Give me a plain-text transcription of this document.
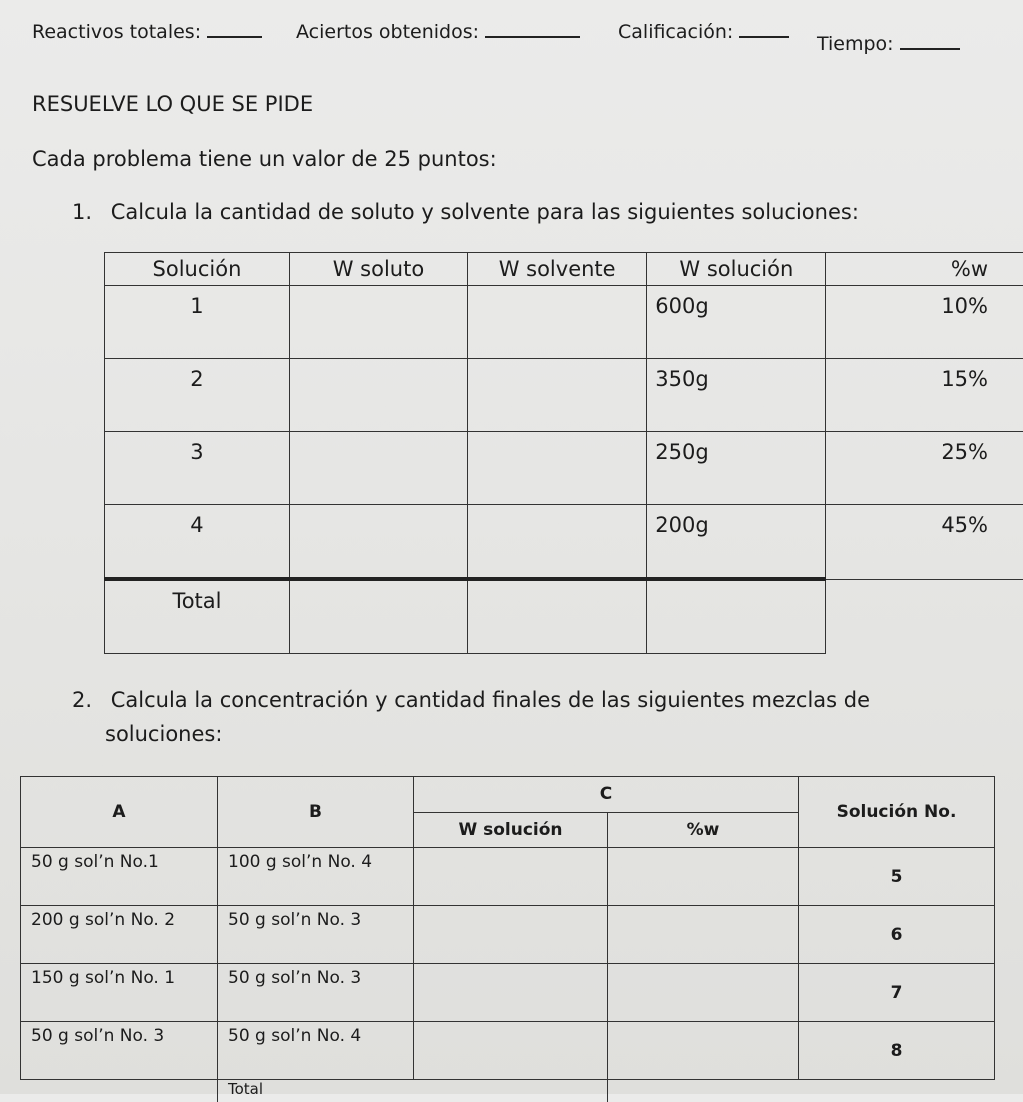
Reactivos totales:	Aciertos obtenidos:	Calificación:
Tiempo:
RESUELVE LO QUE SE PIDE
Cada problema tiene un valor de 25 puntos:
1. Calcula la cantidad de soluto y solvente para las siguientes soluciones:
Solución	W soluto	W solvente	W solución	%w
1			600g	10%
2			350g	15%
3			250g	25%
4			200g	45%
Total				
2. Calcula la concentración y cantidad finales de las siguientes mezclas de
soluciones:
A	B	C		Solución No.
		W solución	%w	
50 g sol’n No.1	100 g sol’n No. 4			5
200 g sol’n No. 2	50 g sol’n No. 3			6
150 g sol’n No. 1	50 g sol’n No. 3			7
50 g sol’n No. 3	50 g sol’n No. 4			8
	Total			
